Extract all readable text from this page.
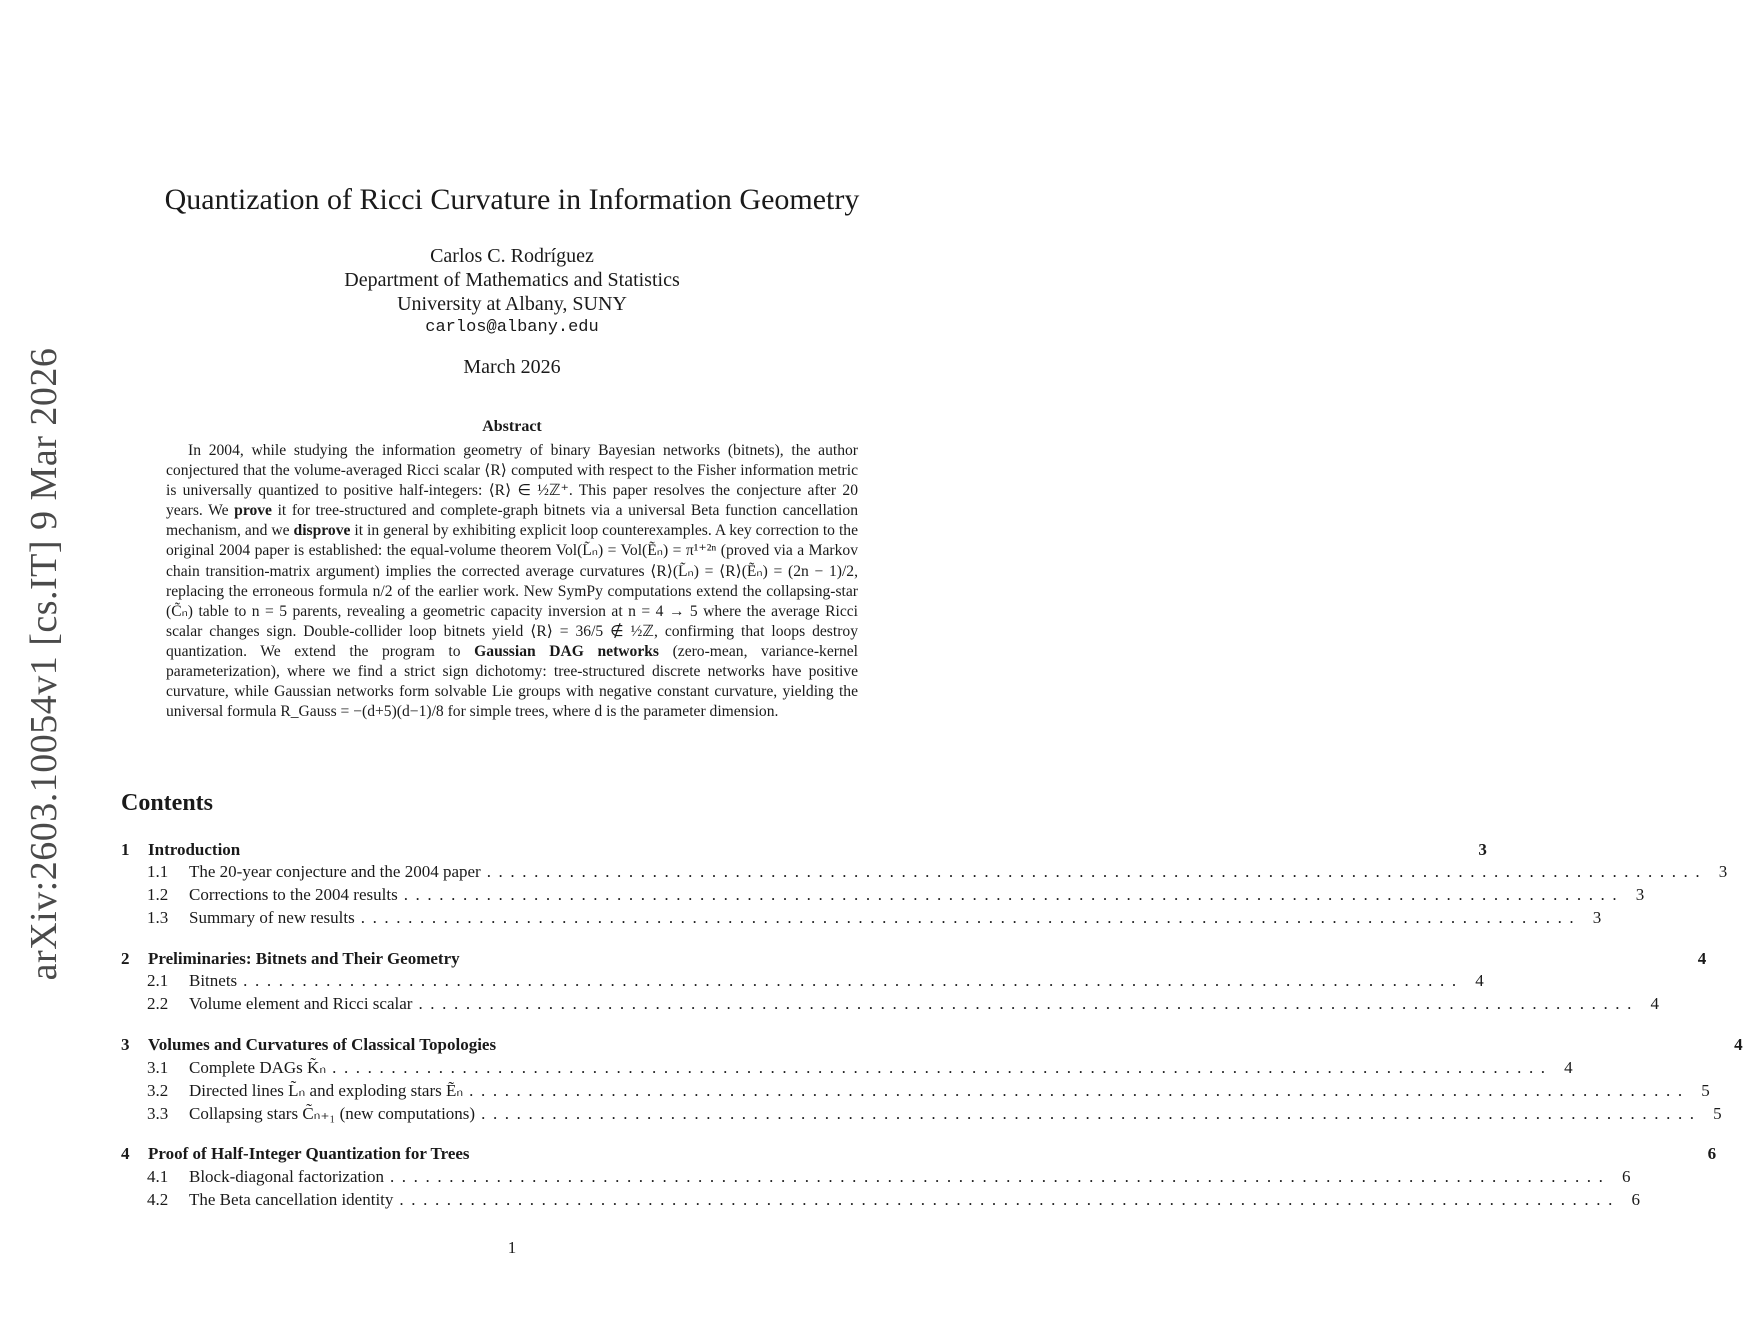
arXiv:2603.10054v1 [cs.IT] 9 Mar 2026
Quantization of Ricci Curvature in Information Geometry
Carlos C. Rodríguez
Department of Mathematics and Statistics
University at Albany, SUNY
carlos@albany.edu
March 2026
Abstract

In 2004, while studying the information geometry of binary Bayesian networks (bitnets), the author conjectured that the volume-averaged Ricci scalar ⟨R⟩ computed with respect to the Fisher information metric is universally quantized to positive half-integers: ⟨R⟩ ∈ ½ℤ⁺. This paper resolves the conjecture after 20 years. We prove it for tree-structured and complete-graph bitnets via a universal Beta function cancellation mechanism, and we disprove it in general by exhibiting explicit loop counterexamples. A key correction to the original 2004 paper is established: the equal-volume theorem Vol(L̃ₙ) = Vol(Ẽₙ) = π¹⁺²ⁿ (proved via a Markov chain transition-matrix argument) implies the corrected average curvatures ⟨R⟩(L̃ₙ) = ⟨R⟩(Ẽₙ) = (2n − 1)/2, replacing the erroneous formula n/2 of the earlier work. New SymPy computations extend the collapsing-star (C̃ₙ) table to n = 5 parents, revealing a geometric capacity inversion at n = 4 → 5 where the average Ricci scalar changes sign. Double-collider loop bitnets yield ⟨R⟩ = 36/5 ∉ ½ℤ, confirming that loops destroy quantization. We extend the program to Gaussian DAG networks (zero-mean, variance-kernel parameterization), where we find a strict sign dichotomy: tree-structured discrete networks have positive curvature, while Gaussian networks form solvable Lie groups with negative constant curvature, yielding the universal formula R_Gauss = −(d+5)(d−1)/8 for simple trees, where d is the parameter dimension.

Contents
1	Introduction	3
1.1	The 20-year conjecture and the 2004 paper ....................................................................................................... 3
1.2	Corrections to the 2004 results ....................................................................................................... 3
1.3	Summary of new results ....................................................................................................... 3
2	Preliminaries: Bitnets and Their Geometry	4
2.1	Bitnets ....................................................................................................... 4
2.2	Volume element and Ricci scalar ....................................................................................................... 4
3	Volumes and Curvatures of Classical Topologies	4
3.1	Complete DAGs K̃ₙ ....................................................................................................... 4
3.2	Directed lines L̃ₙ and exploding stars Ẽₙ ....................................................................................................... 5
3.3	Collapsing stars C̃ₙ₊₁ (new computations) ....................................................................................................... 5
4	Proof of Half-Integer Quantization for Trees	6
4.1	Block-diagonal factorization ....................................................................................................... 6
4.2	The Beta cancellation identity ....................................................................................................... 6
1
